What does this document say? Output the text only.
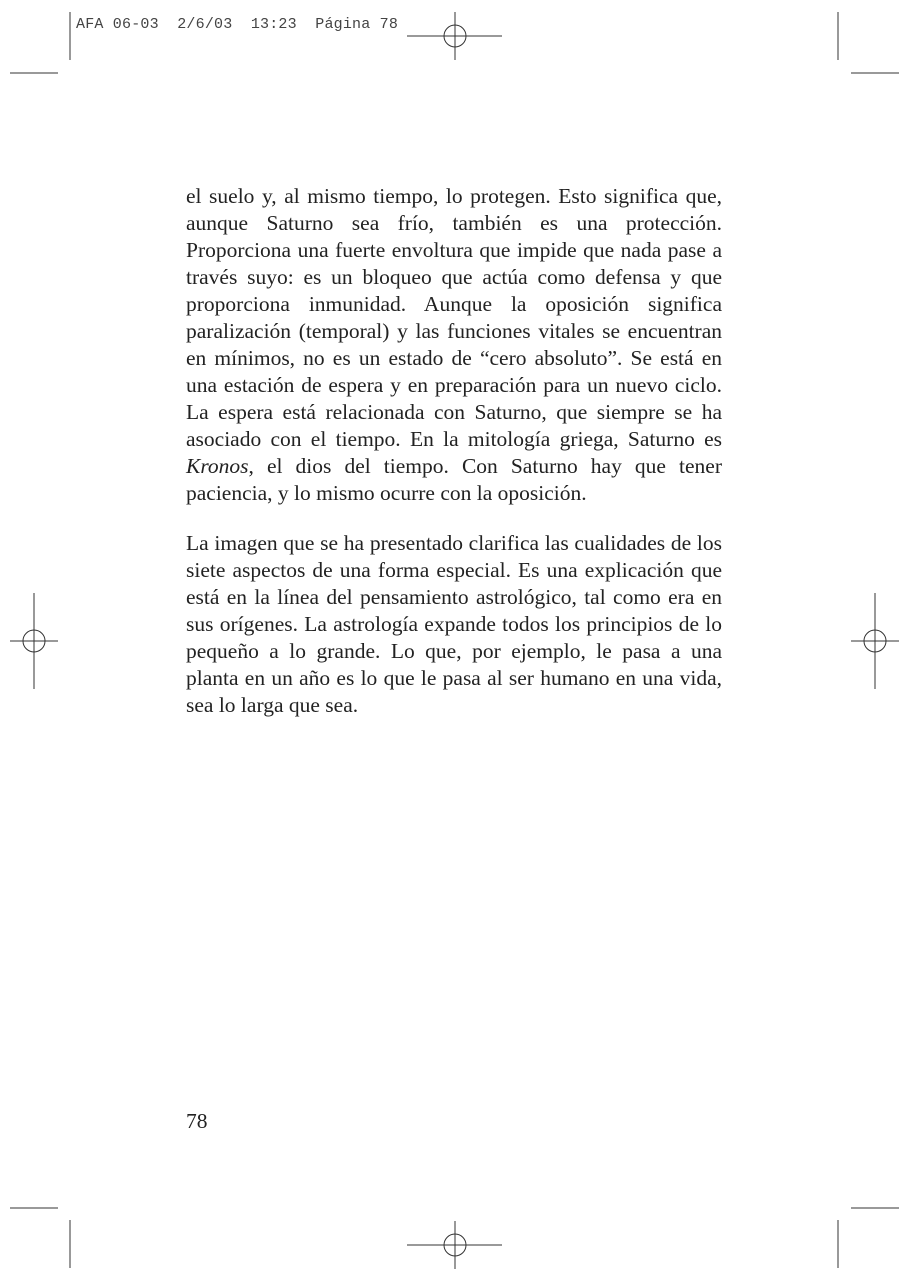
AFA 06-03  2/6/03  13:23  Página 78

el suelo y, al mismo tiempo, lo protegen. Esto significa que, aunque Saturno sea frío, también es una protección. Proporciona una fuerte envoltura que impide que nada pase a través suyo: es un bloqueo que actúa como defensa y que proporciona inmunidad. Aunque la oposición significa paralización (temporal) y las funciones vitales se encuentran en mínimos, no es un estado de “cero absoluto”. Se está en una estación de espera y en preparación para un nuevo ciclo. La espera está relacionada con Saturno, que siempre se ha asociado con el tiempo. En la mitología griega, Saturno es Kronos, el dios del tiempo. Con Saturno hay que tener paciencia, y lo mismo ocurre con la oposición.

La imagen que se ha presentado clarifica las cualidades de los siete aspectos de una forma especial. Es una explicación que está en la línea del pensamiento astrológico, tal como era en sus orígenes. La astrología expande todos los principios de lo pequeño a lo grande. Lo que, por ejemplo, le pasa a una planta en un año es lo que le pasa al ser humano en una vida, sea lo larga que sea.

78
